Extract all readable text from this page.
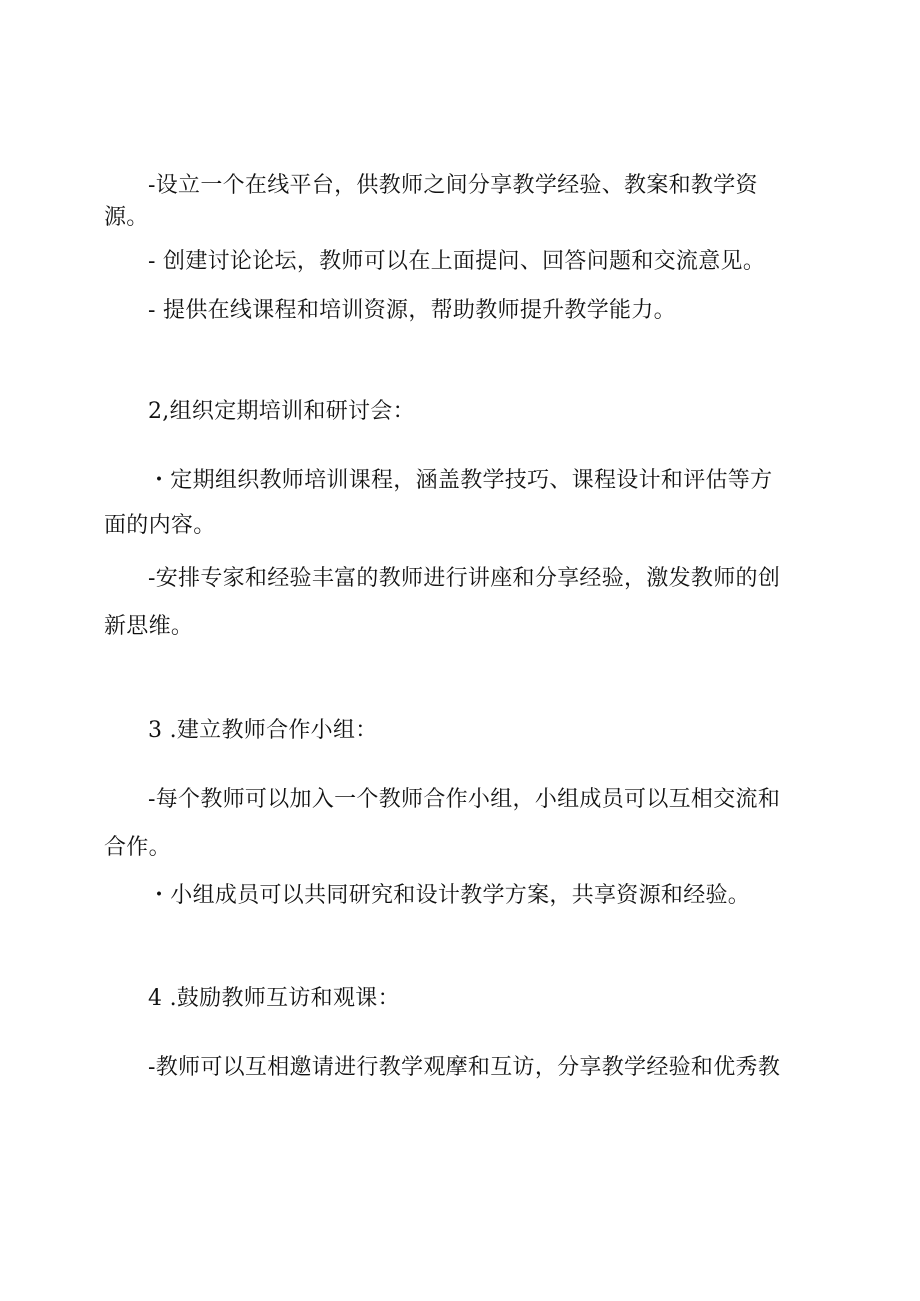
-设立一个在线平台，供教师之间分享教学经验、教案和教学资
源。
- 创建讨论论坛，教师可以在上面提问、回答问题和交流意见。
- 提供在线课程和培训资源，帮助教师提升教学能力。
2,组织定期培训和研讨会：
・定期组织教师培训课程，涵盖教学技巧、课程设计和评估等方
面的内容。
-安排专家和经验丰富的教师进行讲座和分享经验，激发教师的创
新思维。
3 .建立教师合作小组：
-每个教师可以加入一个教师合作小组，小组成员可以互相交流和
合作。
・小组成员可以共同研究和设计教学方案，共享资源和经验。
4 .鼓励教师互访和观课：
-教师可以互相邀请进行教学观摩和互访，分享教学经验和优秀教
